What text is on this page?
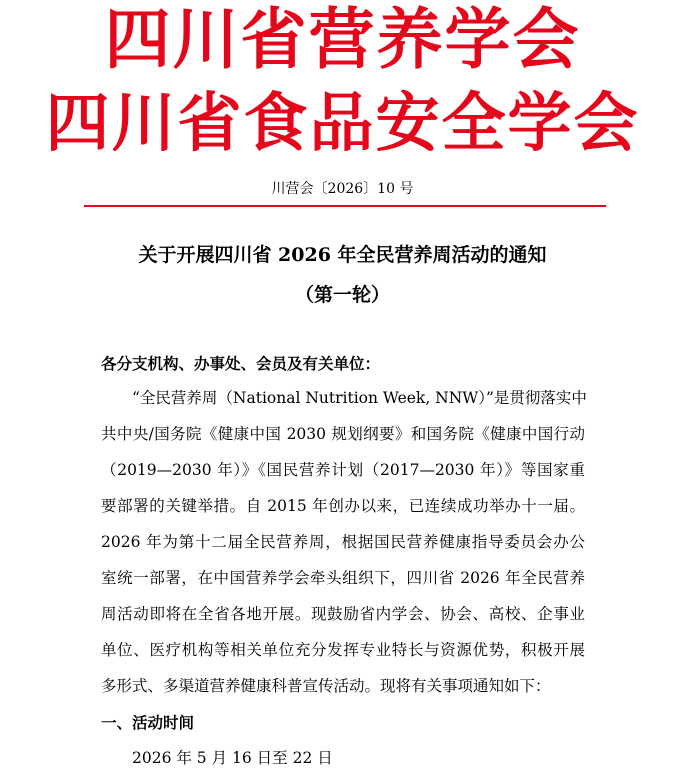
四川省营养学会
四川省食品安全学会
川营会〔2026〕10 号
关于开展四川省 2026 年全民营养周活动的通知
（第一轮）
各分支机构、办事处、会员及有关单位：
“全民营养周（National Nutrition Week, NNW）”是贯彻落实中
共中央/国务院《健康中国 2030 规划纲要》和国务院《健康中国行动
（2019—2030 年）》《国民营养计划（2017—2030 年）》等国家重
要部署的关键举措。自 2015 年创办以来，已连续成功举办十一届。
2026 年为第十二届全民营养周，根据国民营养健康指导委员会办公
室统一部署，在中国营养学会牵头组织下，四川省 2026 年全民营养
周活动即将在全省各地开展。现鼓励省内学会、协会、高校、企事业
单位、医疗机构等相关单位充分发挥专业特长与资源优势，积极开展
多形式、多渠道营养健康科普宣传活动。现将有关事项通知如下：
一、活动时间
2026 年 5 月 16 日至 22 日
